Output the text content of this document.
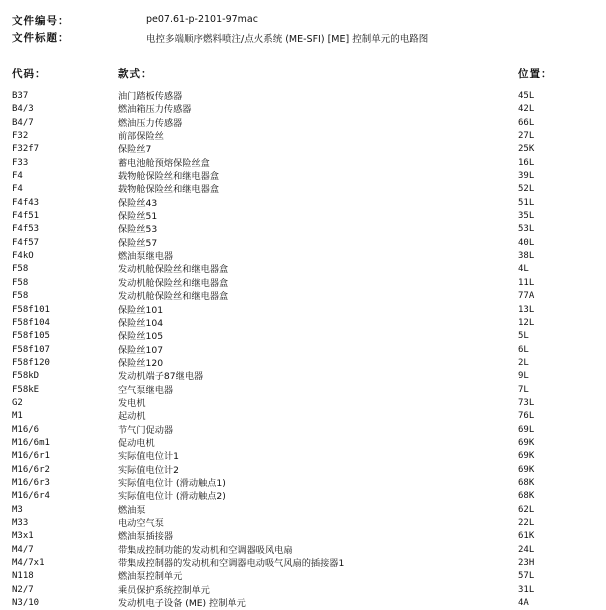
文件编号：	pe07.61-p-2101-97mac
文件标题：	电控多端顺序燃料喷注/点火系统 (ME-SFI) [ME] 控制单元的电路图
代码：	款式：	位置：
B37	油门踏板传感器	45L
B4/3	燃油箱压力传感器	42L
B4/7	燃油压力传感器	66L
F32	前部保险丝	27L
F32f7	保险丝7	25K
F33	蓄电池舱预熔保险丝盒	16L
F4	载物舱保险丝和继电器盒	39L
F4	载物舱保险丝和继电器盒	52L
F4f43	保险丝43	51L
F4f51	保险丝51	35L
F4f53	保险丝53	53L
F4f57	保险丝57	40L
F4kO	燃油泵继电器	38L
F58	发动机舱保险丝和继电器盒	4L
F58	发动机舱保险丝和继电器盒	11L
F58	发动机舱保险丝和继电器盒	77A
F58f101	保险丝101	13L
F58f104	保险丝104	12L
F58f105	保险丝105	5L
F58f107	保险丝107	6L
F58f120	保险丝120	2L
F58kD	发动机端子87继电器	9L
F58kE	空气泵继电器	7L
G2	发电机	73L
M1	起动机	76L
M16/6	节气门促动器	69L
M16/6m1	促动电机	69K
M16/6r1	实际值电位计1	69K
M16/6r2	实际值电位计2	69K
M16/6r3	实际值电位计 (滑动触点1)	68K
M16/6r4	实际值电位计 (滑动触点2)	68K
M3	燃油泵	62L
M33	电动空气泵	22L
M3x1	燃油泵插接器	61K
M4/7	带集成控制功能的发动机和空调器吸风电扇	24L
M4/7x1	带集成控制器的发动机和空调器电动吸气风扇的插接器1	23H
N118	燃油泵控制单元	57L
N2/7	乘员保护系统控制单元	31L
N3/10	发动机电子设备 (ME) 控制单元	4A
